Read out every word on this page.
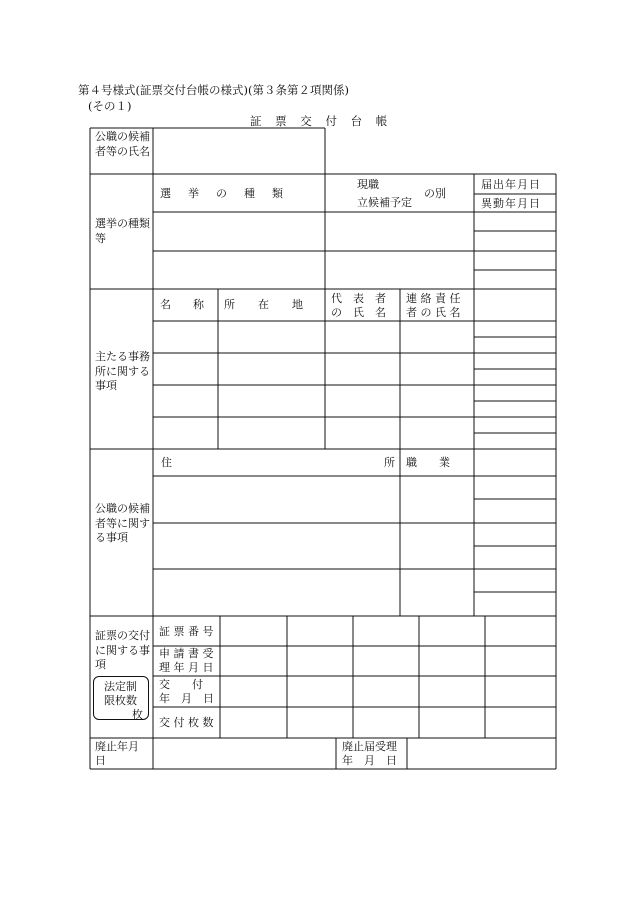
第４号様式(証票交付台帳の様式)(第３条第２項関係)
(その１)
証 票 交 付 台 帳
公職の候補者等の氏名
選挙の種類等
選　挙　の　種　類
現職
の別
立候補予定
届出年月日
異動年月日
主たる事務所に関する事項
名　　称 所　在　地 代　表　者
の　氏　名
連 絡 責 任
者 の 氏 名
公職の候補者等に関する事項
住	所 職　　業
証票の交付に関する事項
法定制
限枚数
枚
証 票 番 号
申 請 書 受
理 年 月 日
交　　付
年　月　日
交 付 枚 数
廃止年月
日
廃止届受理
年　月　日
